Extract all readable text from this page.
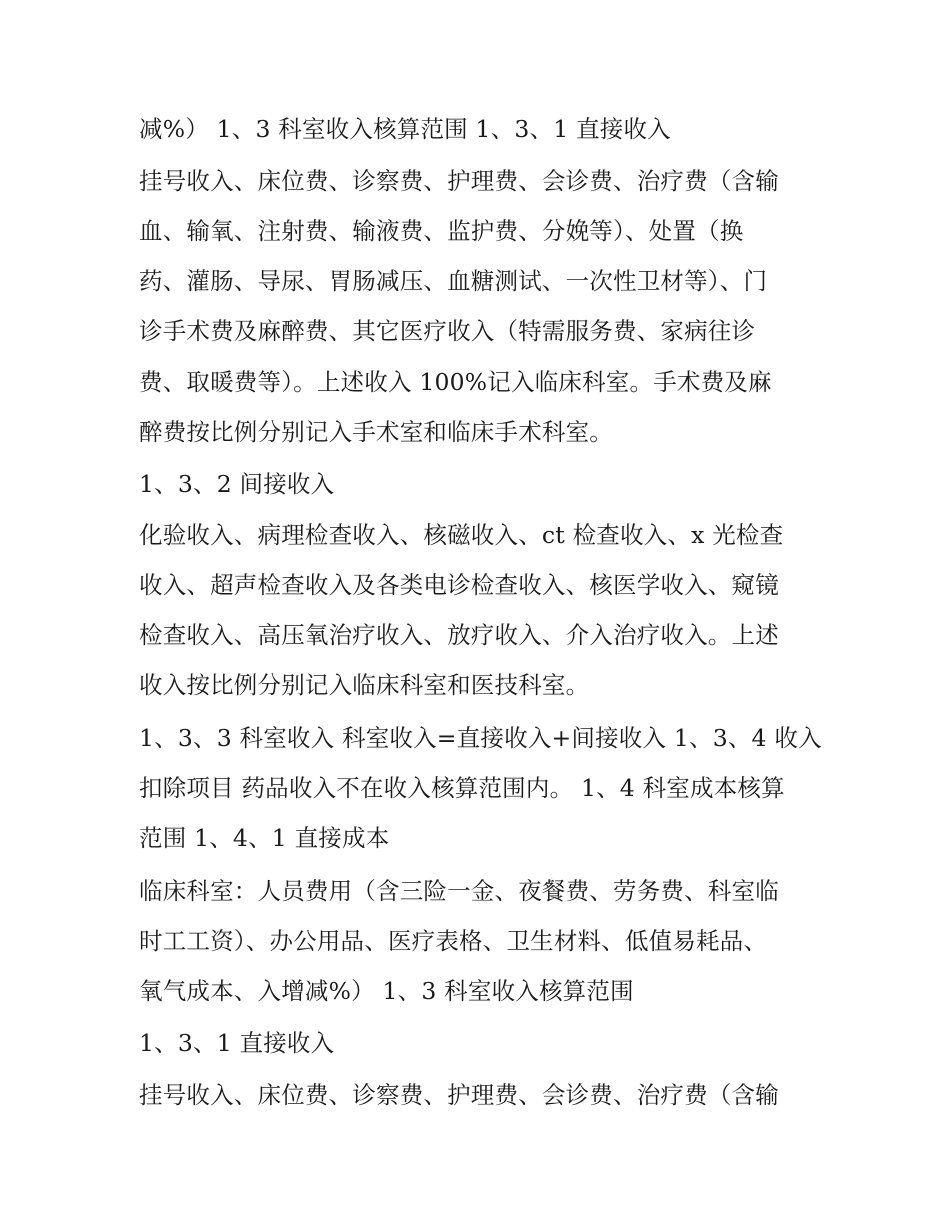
减%） 1、3 科室收入核算范围 1、3、1 直接收入
挂号收入、床位费、诊察费、护理费、会诊费、治疗费（含输
血、输氧、注射费、输液费、监护费、分娩等）、处置（换
药、灌肠、导尿、胃肠减压、血糖测试、一次性卫材等）、门
诊手术费及麻醉费、其它医疗收入（特需服务费、家病往诊
费、取暖费等）。上述收入 100%记入临床科室。手术费及麻
醉费按比例分别记入手术室和临床手术科室。
1、3、2 间接收入
化验收入、病理检查收入、核磁收入、ct 检查收入、x 光检查
收入、超声检查收入及各类电诊检查收入、核医学收入、窥镜
检查收入、高压氧治疗收入、放疗收入、介入治疗收入。上述
收入按比例分别记入临床科室和医技科室。
1、3、3 科室收入 科室收入=直接收入+间接收入 1、3、4 收入
扣除项目 药品收入不在收入核算范围内。 1、4 科室成本核算
范围 1、4、1 直接成本
临床科室：人员费用（含三险一金、夜餐费、劳务费、科室临
时工工资）、办公用品、医疗表格、卫生材料、低值易耗品、
氧气成本、入增减%） 1、3 科室收入核算范围
1、3、1 直接收入
挂号收入、床位费、诊察费、护理费、会诊费、治疗费（含输
